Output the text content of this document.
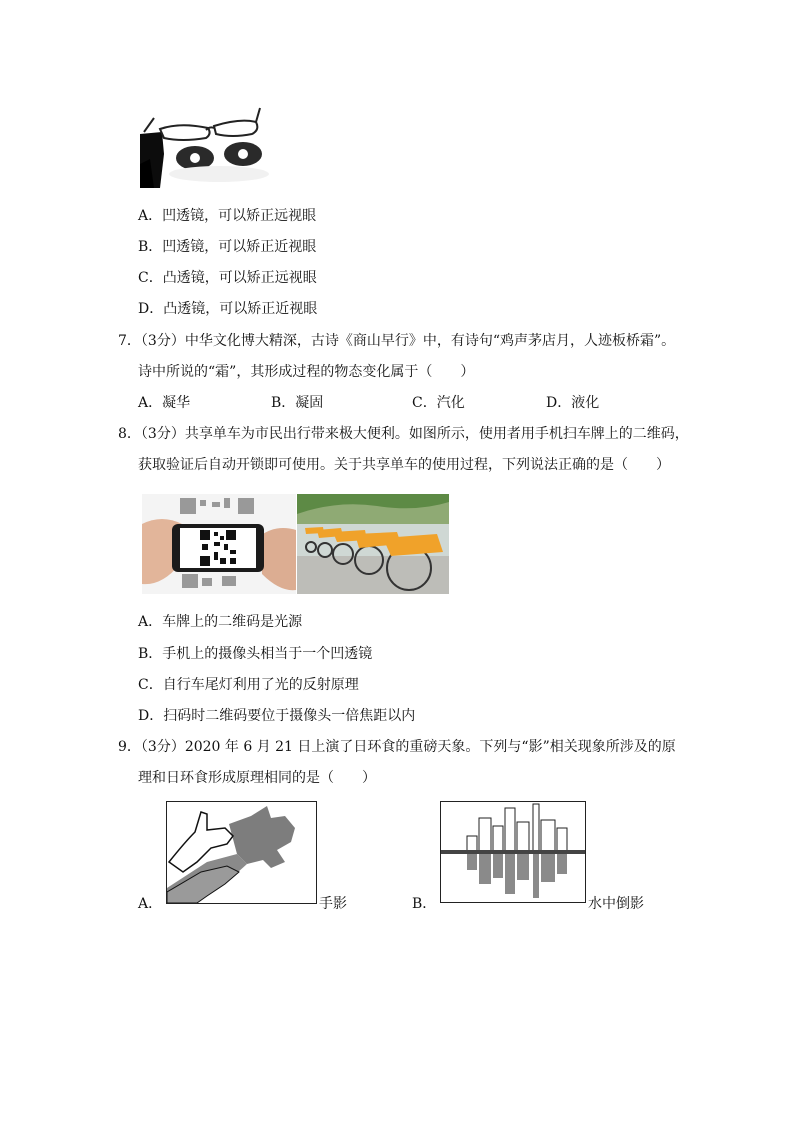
A．凹透镜，可以矫正远视眼
B．凹透镜，可以矫正近视眼
C．凸透镜，可以矫正远视眼
D．凸透镜，可以矫正近视眼
7．（3分）中华文化博大精深，古诗《商山早行》中，有诗句“鸡声茅店月，人迹板桥霜”。
诗中所说的“霜”，其形成过程的物态变化属于（　　）
A．凝华	B．凝固	C．汽化	D．液化
8．（3分）共享单车为市民出行带来极大便利。如图所示，使用者用手机扫车牌上的二维码，
获取验证后自动开锁即可使用。关于共享单车的使用过程，下列说法正确的是（　　）
A．车牌上的二维码是光源
B．手机上的摄像头相当于一个凹透镜
C．自行车尾灯利用了光的反射原理
D．扫码时二维码要位于摄像头一倍焦距以内
9．（3分）2020 年 6 月 21 日上演了日环食的重磅天象。下列与“影”相关现象所涉及的原
理和日环食形成原理相同的是（　　）
A．	手影	B．	水中倒影
